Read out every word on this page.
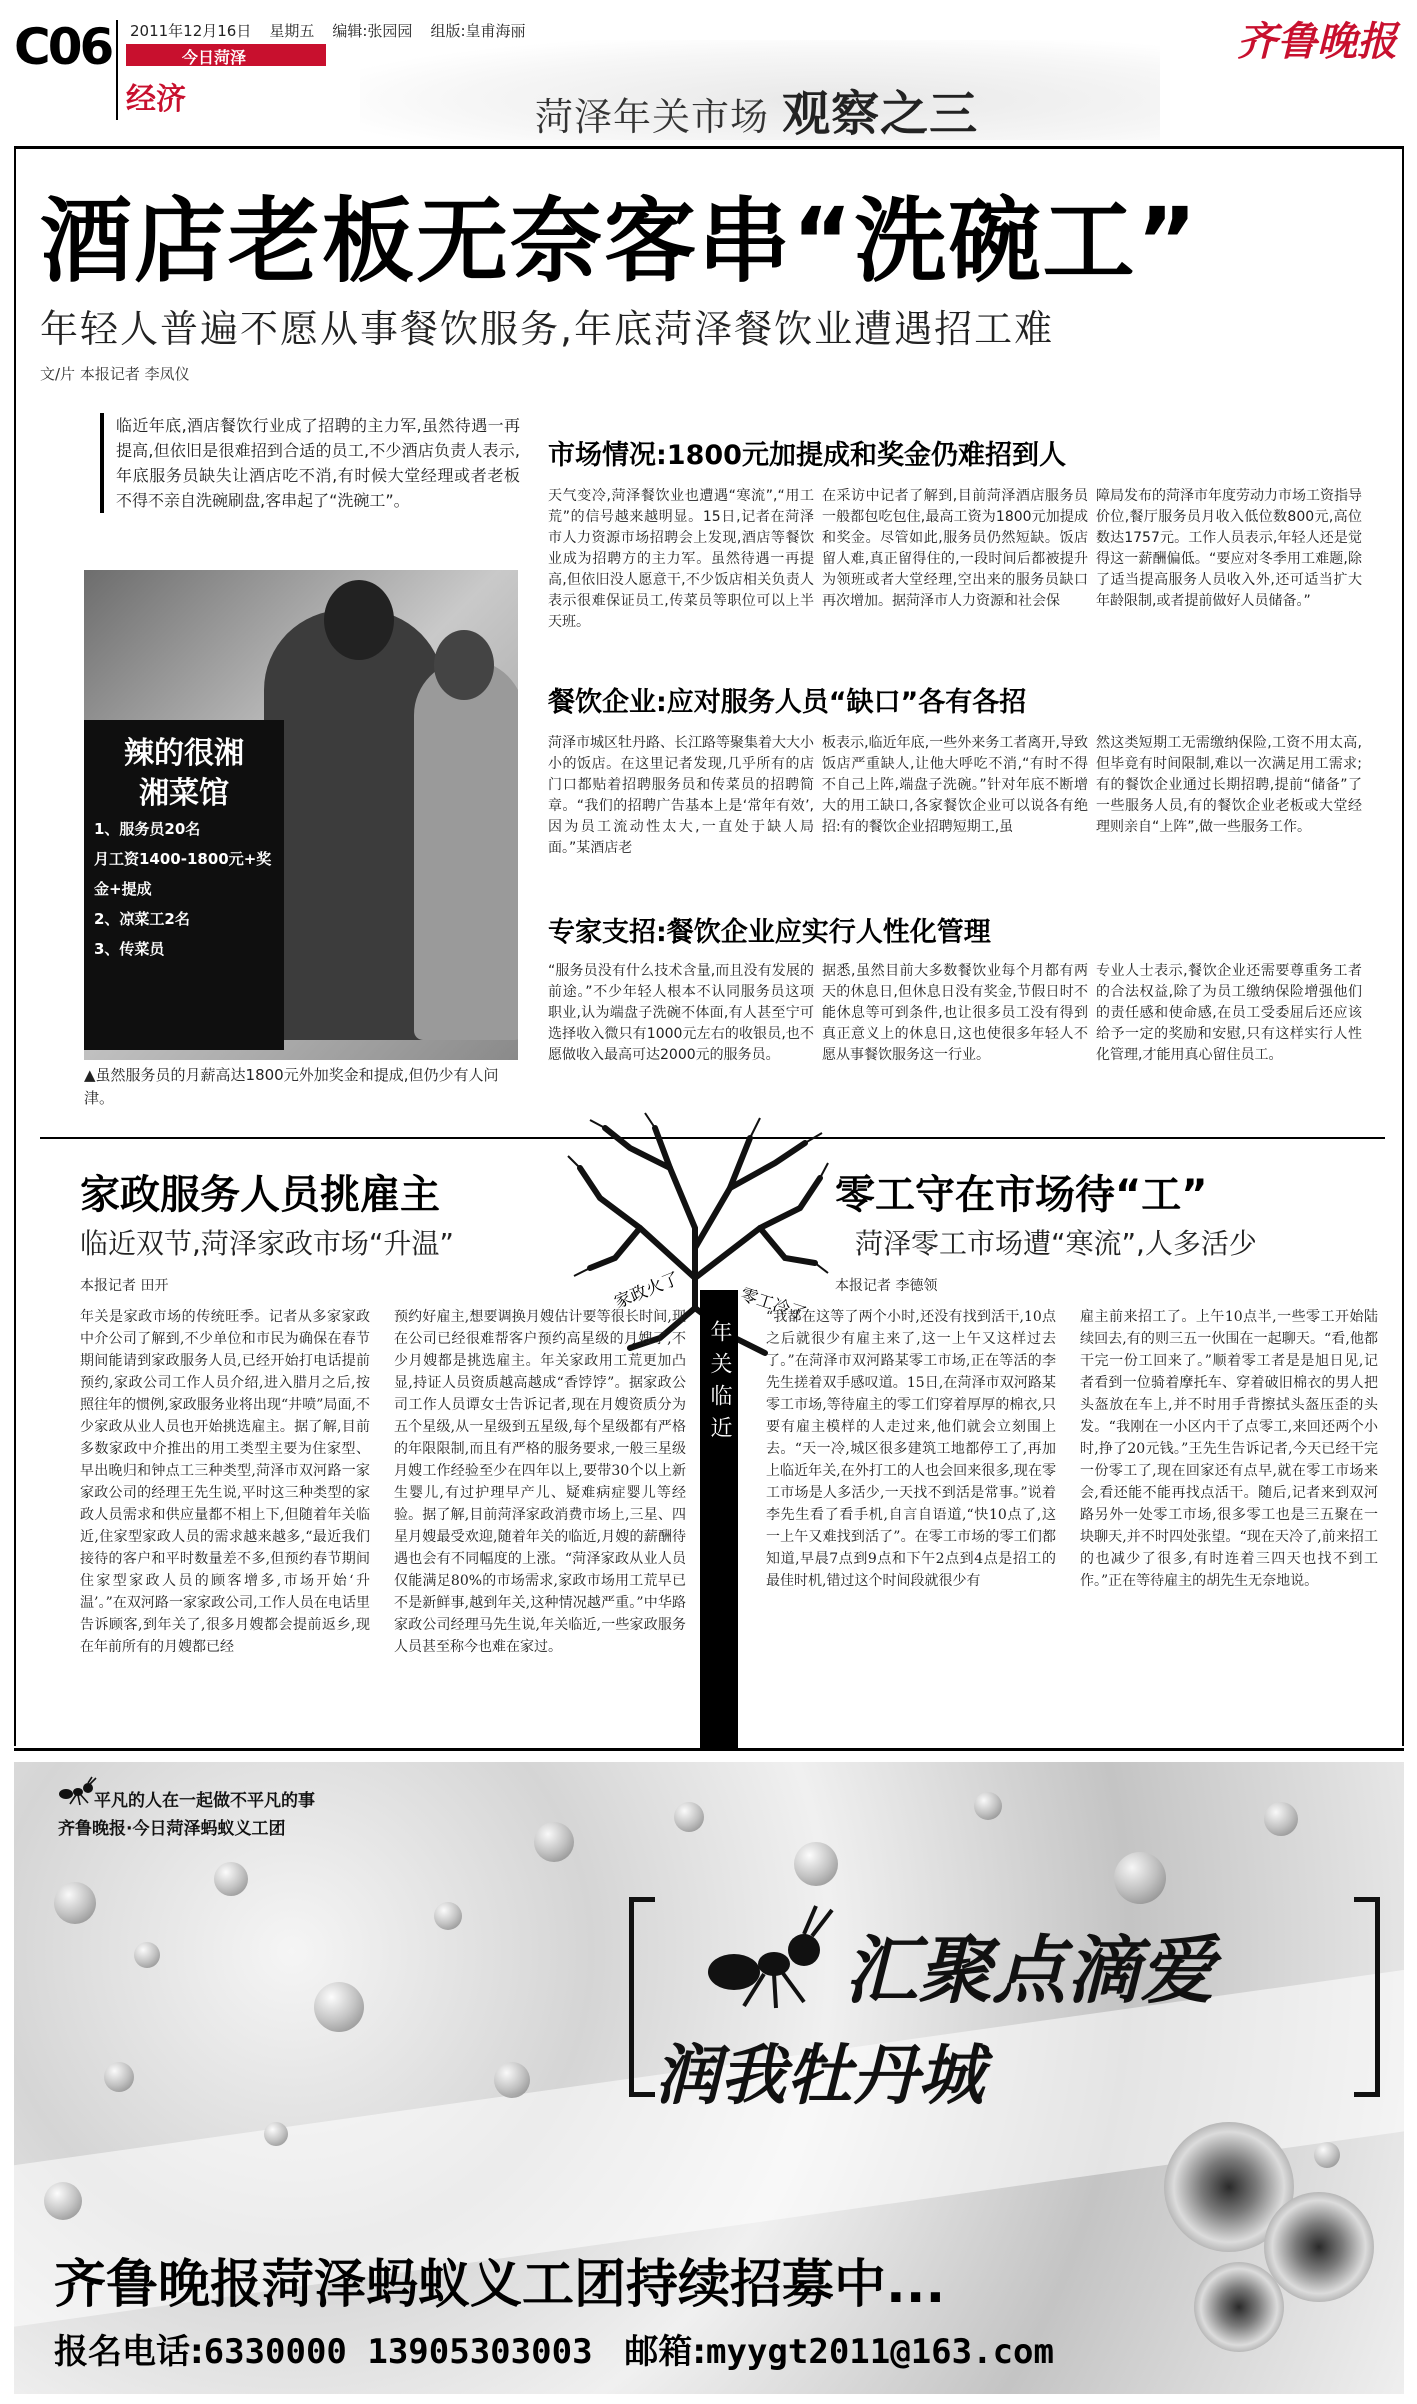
C06 2011年12月16日 星期五 编辑:张园园 组版:皇甫海丽
今日菏泽
经济	菏泽年关市场 观察之三
齐鲁晚报
酒店老板无奈客串“洗碗工”
年轻人普遍不愿从事餐饮服务,年底菏泽餐饮业遭遇招工难
文/片 本报记者 李凤仪
临近年底,酒店餐饮行业成了招聘的主力军,虽然待遇一再提高,但依旧是很难招到合适的员工,不少酒店负责人表示,年底服务员缺失让酒店吃不消,有时候大堂经理或者老板不得不亲自洗碗刷盘,客串起了“洗碗工”。
辣的很湘
湘菜馆
1、服务员20名
月工资1400-1800元+奖金+提成
2、凉菜工2名
3、传菜员
▲虽然服务员的月薪高达1800元外加奖金和提成,但仍少有人问津。
市场情况:1800元加提成和奖金仍难招到人
天气变冷,菏泽餐饮业也遭遇“寒流”,“用工荒”的信号越来越明显。15日,记者在菏泽市人力资源市场招聘会上发现,酒店等餐饮业成为招聘方的主力军。虽然待遇一再提高,但依旧没人愿意干,不少饭店相关负责人表示很难保证员工,传菜员等职位可以上半天班。
在采访中记者了解到,目前菏泽酒店服务员一般都包吃包住,最高工资为1800元加提成和奖金。尽管如此,服务员仍然短缺。饭店留人难,真正留得住的,一段时间后都被提升为领班或者大堂经理,空出来的服务员缺口再次增加。据菏泽市人力资源和社会保
障局发布的菏泽市年度劳动力市场工资指导价位,餐厅服务员月收入低位数800元,高位数达1757元。工作人员表示,年轻人还是觉得这一薪酬偏低。“要应对冬季用工难题,除了适当提高服务人员收入外,还可适当扩大年龄限制,或者提前做好人员储备。”
餐饮企业:应对服务人员“缺口”各有各招
菏泽市城区牡丹路、长江路等聚集着大大小小的饭店。在这里记者发现,几乎所有的店门口都贴着招聘服务员和传菜员的招聘简章。“我们的招聘广告基本上是‘常年有效’,因为员工流动性太大,一直处于缺人局面。”某酒店老
板表示,临近年底,一些外来务工者离开,导致饭店严重缺人,让他大呼吃不消,“有时不得不自己上阵,端盘子洗碗。”针对年底不断增大的用工缺口,各家餐饮企业可以说各有绝招:有的餐饮企业招聘短期工,虽
然这类短期工无需缴纳保险,工资不用太高,但毕竟有时间限制,难以一次满足用工需求;有的餐饮企业通过长期招聘,提前“储备”了一些服务人员,有的餐饮企业老板或大堂经理则亲自“上阵”,做一些服务工作。
专家支招:餐饮企业应实行人性化管理
“服务员没有什么技术含量,而且没有发展的前途。”不少年轻人根本不认同服务员这项职业,认为端盘子洗碗不体面,有人甚至宁可选择收入微只有1000元左右的收银员,也不愿做收入最高可达2000元的服务员。
据悉,虽然目前大多数餐饮业每个月都有两天的休息日,但休息日没有奖金,节假日时不能休息等可到条件,也让很多员工没有得到真正意义上的休息日,这也使很多年轻人不愿从事餐饮服务这一行业。
专业人士表示,餐饮企业还需要尊重务工者的合法权益,除了为员工缴纳保险增强他们的责任感和使命感,在员工受委屈后还应该给予一定的奖励和安慰,只有这样实行人性化管理,才能用真心留住员工。
家政火了	零工冷了
年关临近
家政服务人员挑雇主
临近双节,菏泽家政市场“升温”
本报记者 田开
年关是家政市场的传统旺季。记者从多家家政中介公司了解到,不少单位和市民为确保在春节期间能请到家政服务人员,已经开始打电话提前预约,家政公司工作人员介绍,进入腊月之后,按照往年的惯例,家政服务业将出现“井喷”局面,不少家政从业人员也开始挑选雇主。据了解,目前多数家政中介推出的用工类型主要为住家型、早出晚归和钟点工三种类型,菏泽市双河路一家家政公司的经理王先生说,平时这三种类型的家政人员需求和供应量都不相上下,但随着年关临近,住家型家政人员的需求越来越多,“最近我们接待的客户和平时数量差不多,但预约春节期间住家型家政人员的顾客增多,市场开始‘升温’。”在双河路一家家政公司,工作人员在电话里告诉顾客,到年关了,很多月嫂都会提前返乡,现在年前所有的月嫂都已经
预约好雇主,想要调换月嫂估计要等很长时间,现在公司已经很难帮客户预约高星级的月嫂了,不少月嫂都是挑选雇主。年关家政用工荒更加凸显,持证人员资质越高越成“香饽饽”。据家政公司工作人员谭女士告诉记者,现在月嫂资质分为五个星级,从一星级到五星级,每个星级都有严格的年限限制,而且有严格的服务要求,一般三星级月嫂工作经验至少在四年以上,要带30个以上新生婴儿,有过护理早产儿、疑难病症婴儿等经验。据了解,目前菏泽家政消费市场上,三星、四星月嫂最受欢迎,随着年关的临近,月嫂的薪酬待遇也会有不同幅度的上涨。“菏泽家政从业人员仅能满足80%的市场需求,家政市场用工荒早已不是新鲜事,越到年关,这种情况越严重。”中华路家政公司经理马先生说,年关临近,一些家政服务人员甚至称今也难在家过。
零工守在市场待“工”
菏泽零工市场遭“寒流”,人多活少
本报记者 李德领
“我都在这等了两个小时,还没有找到活干,10点之后就很少有雇主来了,这一上午又这样过去了。”在菏泽市双河路某零工市场,正在等活的李先生搓着双手感叹道。15日,在菏泽市双河路某零工市场,等待雇主的零工们穿着厚厚的棉衣,只要有雇主模样的人走过来,他们就会立刻围上去。“天一冷,城区很多建筑工地都停工了,再加上临近年关,在外打工的人也会回来很多,现在零工市场是人多活少,一天找不到活是常事。”说着李先生看了看手机,自言自语道,“快10点了,这一上午又难找到活了”。在零工市场的零工们都知道,早晨7点到9点和下午2点到4点是招工的最佳时机,错过这个时间段就很少有
雇主前来招工了。上午10点半,一些零工开始陆续回去,有的则三五一伙围在一起聊天。“看,他都干完一份工回来了。”顺着零工者是是旭日见,记者看到一位骑着摩托车、穿着破旧棉衣的男人把头盔放在车上,并不时用手背擦拭头盔压歪的头发。“我刚在一小区内干了点零工,来回还两个小时,挣了20元钱。”王先生告诉记者,今天已经干完一份零工了,现在回家还有点早,就在零工市场来会,看还能不能再找点活干。随后,记者来到双河路另外一处零工市场,很多零工也是三五聚在一块聊天,并不时四处张望。“现在天冷了,前来招工的也减少了很多,有时连着三四天也找不到工作。”正在等待雇主的胡先生无奈地说。
平凡的人在一起做不平凡的事
齐鲁晚报·今日菏泽蚂蚁义工团
汇聚点滴爱
润我牡丹城
齐鲁晚报菏泽蚂蚁义工团持续招募中...
报名电话:6330000 13905303003 邮箱:myygt2011@163.com
